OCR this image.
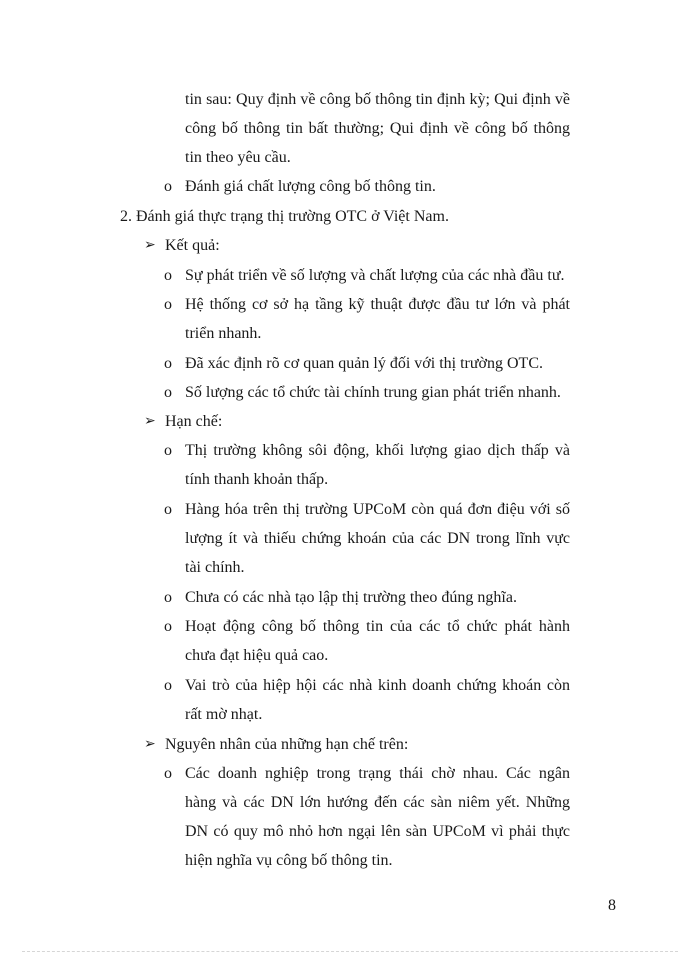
tin sau: Quy định về công bố thông tin định kỳ; Qui định về
công bố thông tin bất thường; Qui định về công bố thông
tin theo yêu cầu.
o Đánh giá chất lượng công bố thông tin.
2. Đánh giá thực trạng thị trường OTC ở Việt Nam.
➢ Kết quả:
o Sự phát triển về số lượng và chất lượng của các nhà đầu tư.
o Hệ thống cơ sở hạ tầng kỹ thuật được đầu tư lớn và phát
triển nhanh.
o Đã xác định rõ cơ quan quản lý đối với thị trường OTC.
o Số lượng các tổ chức tài chính trung gian phát triển nhanh.
➢ Hạn chế:
o Thị trường không sôi động, khối lượng giao dịch thấp và
tính thanh khoản thấp.
o Hàng hóa trên thị trường UPCoM còn quá đơn điệu với số
lượng ít và thiếu chứng khoán của các DN trong lĩnh vực
tài chính.
o Chưa có các nhà tạo lập thị trường theo đúng nghĩa.
o Hoạt động công bố thông tin của các tổ chức phát hành
chưa đạt hiệu quả cao.
o Vai trò của hiệp hội các nhà kinh doanh chứng khoán còn
rất mờ nhạt.
➢ Nguyên nhân của những hạn chế trên:
o Các doanh nghiệp trong trạng thái chờ nhau. Các ngân
hàng và các DN lớn hướng đến các sàn niêm yết. Những
DN có quy mô nhỏ hơn ngại lên sàn UPCoM vì phải thực
hiện nghĩa vụ công bố thông tin.
8
